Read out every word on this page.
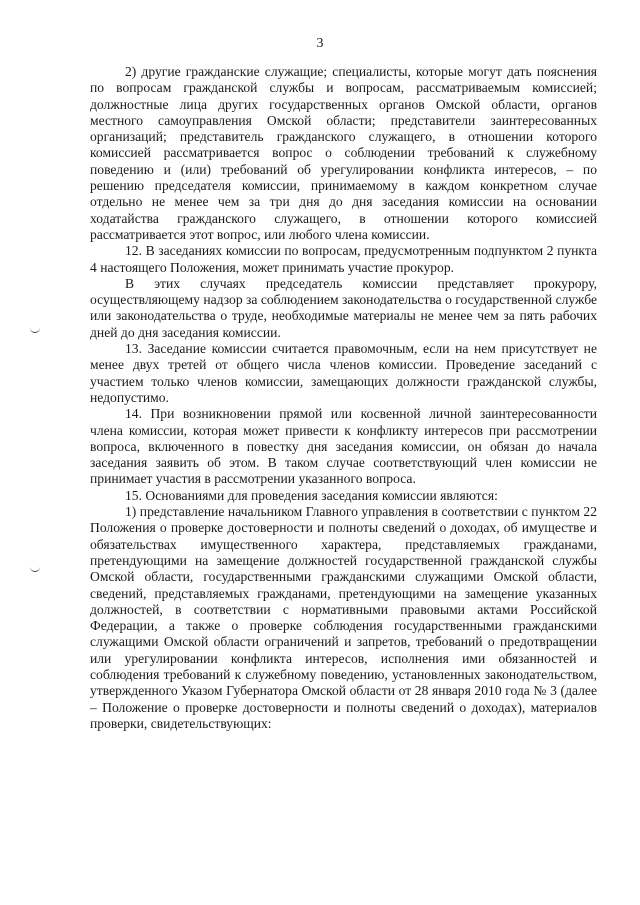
3

2) другие гражданские служащие; специалисты, которые могут дать пояснения по вопросам гражданской службы и вопросам, рассматриваемым комиссией; должностные лица других государственных органов Омской области, органов местного самоуправления Омской области; представители заинтересованных организаций; представитель гражданского служащего, в отношении которого комиссией рассматривается вопрос о соблюдении требований к служебному поведению и (или) требований об урегулировании конфликта интересов, – по решению председателя комиссии, принимаемому в каждом конкретном случае отдельно не менее чем за три дня до дня заседания комиссии на основании ходатайства гражданского служащего, в отношении которого комиссией рассматривается этот вопрос, или любого члена комиссии.

12. В заседаниях комиссии по вопросам, предусмотренным подпунктом 2 пункта 4 настоящего Положения, может принимать участие прокурор.

В этих случаях председатель комиссии представляет прокурору, осуществляющему надзор за соблюдением законодательства о государственной службе или законодательства о труде, необходимые материалы не менее чем за пять рабочих дней до дня заседания комиссии.

13. Заседание комиссии считается правомочным, если на нем присутствует не менее двух третей от общего числа членов комиссии. Проведение заседаний с участием только членов комиссии, замещающих должности гражданской службы, недопустимо.

14. При возникновении прямой или косвенной личной заинтересованности члена комиссии, которая может привести к конфликту интересов при рассмотрении вопроса, включенного в повестку дня заседания комиссии, он обязан до начала заседания заявить об этом. В таком случае соответствующий член комиссии не принимает участия в рассмотрении указанного вопроса.

15. Основаниями для проведения заседания комиссии являются:

1) представление начальником Главного управления в соответствии с пунктом 22 Положения о проверке достоверности и полноты сведений о доходах, об имуществе и обязательствах имущественного характера, представляемых гражданами, претендующими на замещение должностей государственной гражданской службы Омской области, государственными гражданскими служащими Омской области, сведений, представляемых гражданами, претендующими на замещение указанных должностей, в соответствии с нормативными правовыми актами Российской Федерации, а также о проверке соблюдения государственными гражданскими служащими Омской области ограничений и запретов, требований о предотвращении или урегулировании конфликта интересов, исполнения ими обязанностей и соблюдения требований к служебному поведению, установленных законодательством, утвержденного Указом Губернатора Омской области от 28 января 2010 года № 3 (далее – Положение о проверке достоверности и полноты сведений о доходах), материалов проверки, свидетельствующих:
